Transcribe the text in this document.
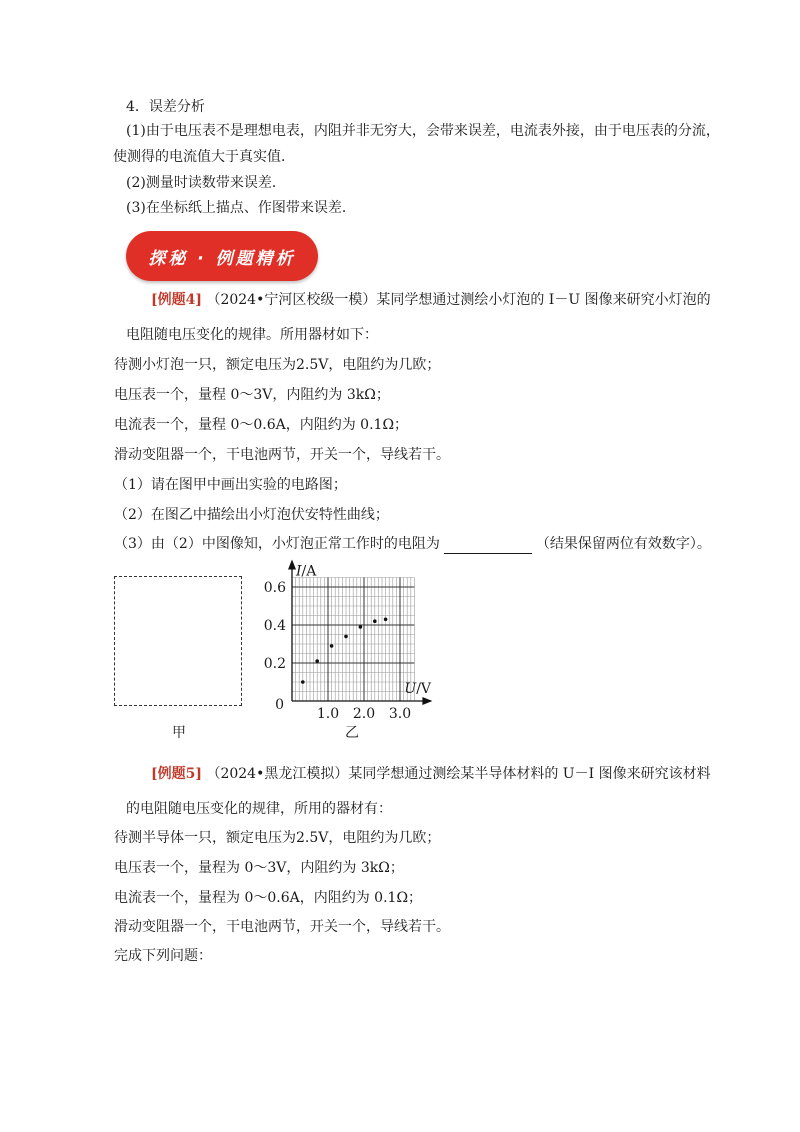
4．误差分析
(1)由于电压表不是理想电表，内阻并非无穷大，会带来误差，电流表外接，由于电压表的分流，
使测得的电流值大于真实值．
(2)测量时读数带来误差．
(3)在坐标纸上描点、作图带来误差．
探秘 · 例题精析
[例题4] （2024•宁河区校级一模）某同学想通过测绘小灯泡的 I－U 图像来研究小灯泡的
电阻随电压变化的规律。所用器材如下：
待测小灯泡一只，额定电压为2.5V，电阻约为几欧；
电压表一个，量程 0～3V，内阻约为 3kΩ；
电流表一个，量程 0～0.6A，内阻约为 0.1Ω；
滑动变阻器一个，干电池两节，开关一个，导线若干。
（1）请在图甲中画出实验的电路图；
（2）在图乙中描绘出小灯泡伏安特性曲线；
（3）由（2）中图像知，小灯泡正常工作时的电阻为	（结果保留两位有效数字）。
甲
0.2
0.4
0.6
1.0 2.0 3.0
0
I/A
U/V
乙
[例题5] （2024•黑龙江模拟）某同学想通过测绘某半导体材料的 U－I 图像来研究该材料
的电阻随电压变化的规律，所用的器材有：
待测半导体一只，额定电压为2.5V，电阻约为几欧；
电压表一个，量程为 0～3V，内阻约为 3kΩ；
电流表一个，量程为 0～0.6A，内阻约为 0.1Ω；
滑动变阻器一个，干电池两节，开关一个，导线若干。
完成下列问题：
